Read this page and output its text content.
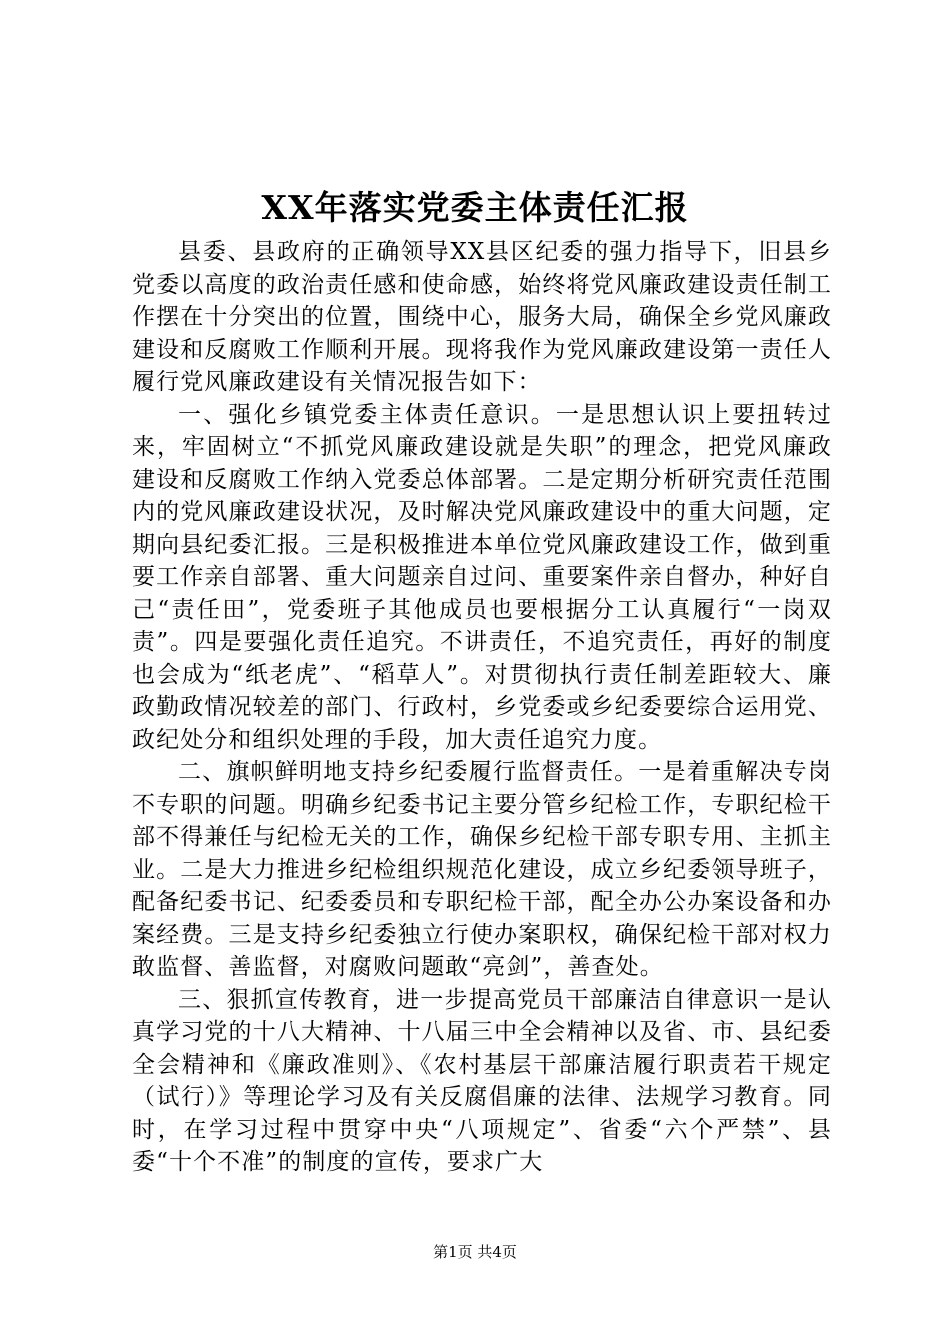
XX年落实党委主体责任汇报

县委、县政府的正确领导XX县区纪委的强力指导下，旧县乡党委以高度的政治责任感和使命感，始终将党风廉政建设责任制工作摆在十分突出的位置，围绕中心，服务大局，确保全乡党风廉政建设和反腐败工作顺利开展。现将我作为党风廉政建设第一责任人履行党风廉政建设有关情况报告如下：

一、强化乡镇党委主体责任意识。一是思想认识上要扭转过来，牢固树立“不抓党风廉政建设就是失职”的理念，把党风廉政建设和反腐败工作纳入党委总体部署。二是定期分析研究责任范围内的党风廉政建设状况，及时解决党风廉政建设中的重大问题，定期向县纪委汇报。三是积极推进本单位党风廉政建设工作，做到重要工作亲自部署、重大问题亲自过问、重要案件亲自督办，种好自己“责任田”，党委班子其他成员也要根据分工认真履行“一岗双责”。四是要强化责任追究。不讲责任，不追究责任，再好的制度也会成为“纸老虎”、“稻草人”。对贯彻执行责任制差距较大、廉政勤政情况较差的部门、行政村，乡党委或乡纪委要综合运用党、政纪处分和组织处理的手段，加大责任追究力度。

二、旗帜鲜明地支持乡纪委履行监督责任。一是着重解决专岗不专职的问题。明确乡纪委书记主要分管乡纪检工作，专职纪检干部不得兼任与纪检无关的工作，确保乡纪检干部专职专用、主抓主业。二是大力推进乡纪检组织规范化建设，成立乡纪委领导班子，配备纪委书记、纪委委员和专职纪检干部，配全办公办案设备和办案经费。三是支持乡纪委独立行使办案职权，确保纪检干部对权力敢监督、善监督，对腐败问题敢“亮剑”，善查处。

三、狠抓宣传教育，进一步提高党员干部廉洁自律意识一是认真学习党的十八大精神、十八届三中全会精神以及省、市、县纪委全会精神和《廉政准则》、《农村基层干部廉洁履行职责若干规定（试行）》等理论学习及有关反腐倡廉的法律、法规学习教育。同时，在学习过程中贯穿中央“八项规定”、省委“六个严禁”、县委“十个不准”的制度的宣传，要求广大

第1页 共4页
